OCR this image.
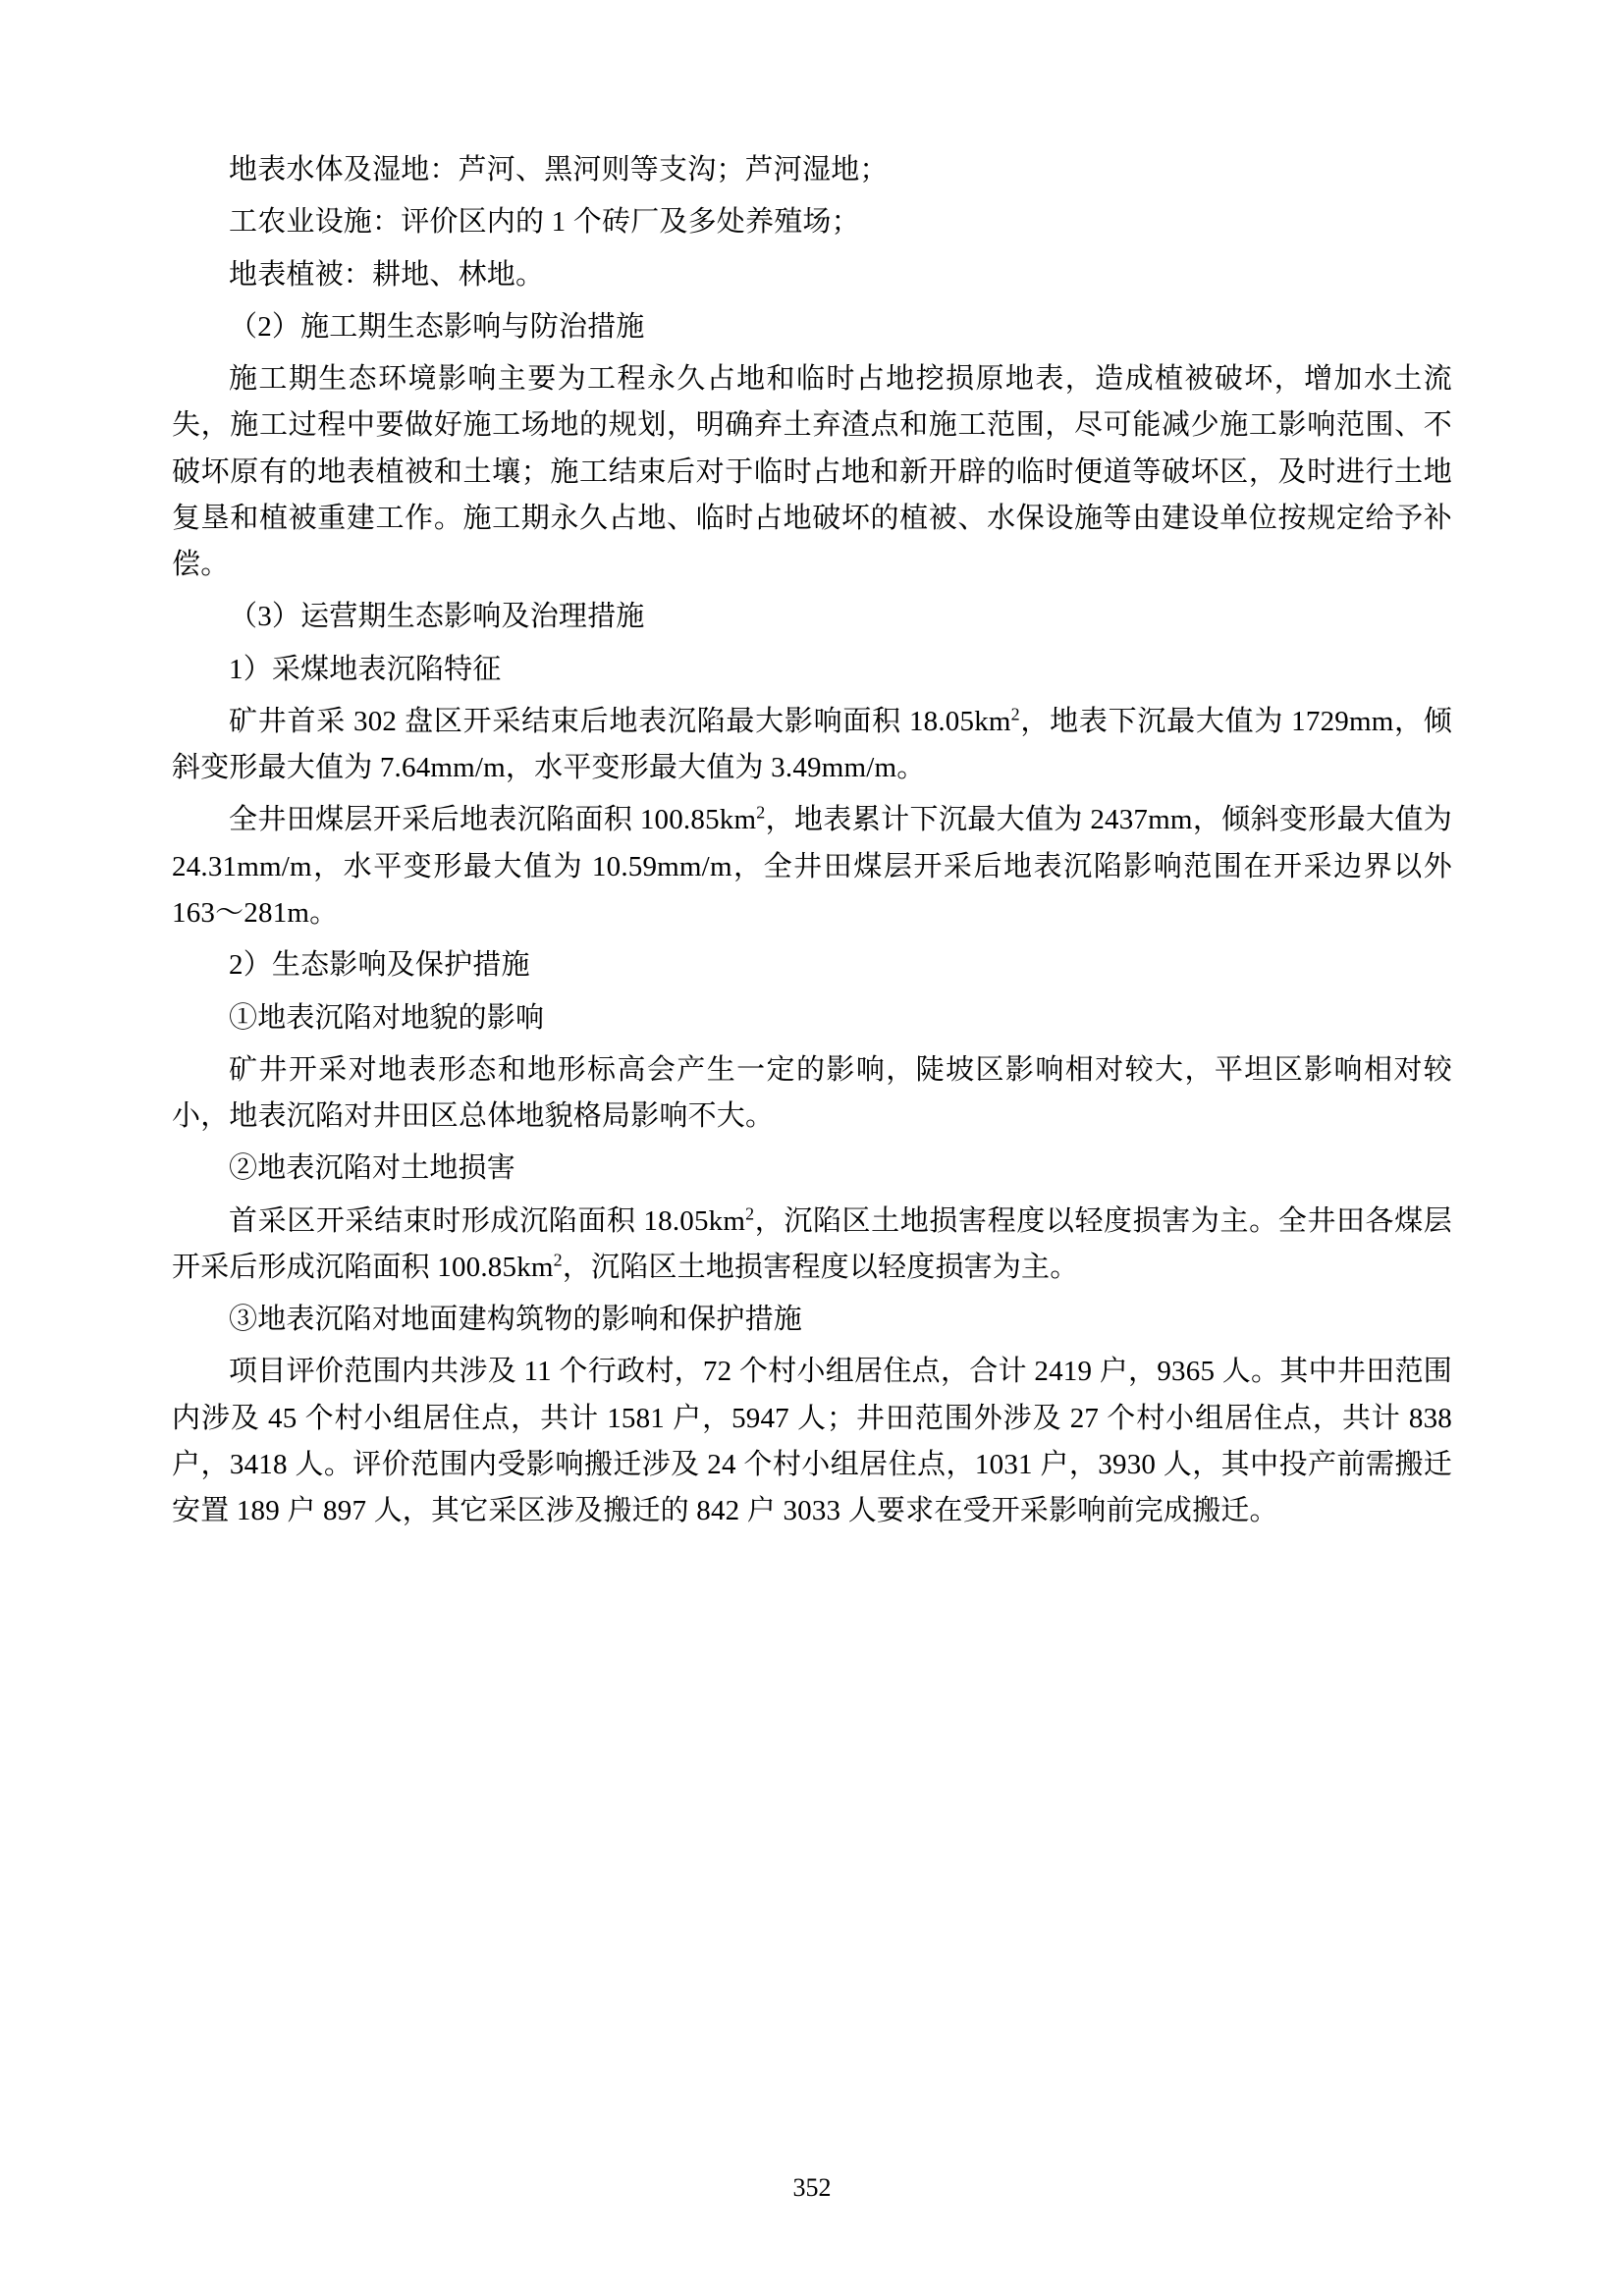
地表水体及湿地：芦河、黑河则等支沟；芦河湿地；

工农业设施：评价区内的 1 个砖厂及多处养殖场；

地表植被：耕地、林地。

（2）施工期生态影响与防治措施

施工期生态环境影响主要为工程永久占地和临时占地挖损原地表，造成植被破坏，增加水土流失，施工过程中要做好施工场地的规划，明确弃土弃渣点和施工范围，尽可能减少施工影响范围、不破坏原有的地表植被和土壤；施工结束后对于临时占地和新开辟的临时便道等破坏区，及时进行土地复垦和植被重建工作。施工期永久占地、临时占地破坏的植被、水保设施等由建设单位按规定给予补偿。

（3）运营期生态影响及治理措施

1）采煤地表沉陷特征

矿井首采 302 盘区开采结束后地表沉陷最大影响面积 $18.05km^2$，地表下沉最大值为 1729mm，倾斜变形最大值为 7.64mm/m，水平变形最大值为 3.49mm/m。

全井田煤层开采后地表沉陷面积 $100.85km^2$，地表累计下沉最大值为 2437mm，倾斜变形最大值为 24.31mm/m，水平变形最大值为 10.59mm/m，全井田煤层开采后地表沉陷影响范围在开采边界以外 163～281m。

2）生态影响及保护措施

①地表沉陷对地貌的影响

矿井开采对地表形态和地形标高会产生一定的影响，陡坡区影响相对较大，平坦区影响相对较小，地表沉陷对井田区总体地貌格局影响不大。

②地表沉陷对土地损害

首采区开采结束时形成沉陷面积 $18.05km^2$，沉陷区土地损害程度以轻度损害为主。全井田各煤层开采后形成沉陷面积 $100.85km^2$，沉陷区土地损害程度以轻度损害为主。

③地表沉陷对地面建构筑物的影响和保护措施

项目评价范围内共涉及 11 个行政村，72 个村小组居住点，合计 2419 户，9365 人。其中井田范围内涉及 45 个村小组居住点，共计 1581 户，5947 人；井田范围外涉及 27 个村小组居住点，共计 838 户，3418 人。评价范围内受影响搬迁涉及 24 个村小组居住点，1031 户，3930 人，其中投产前需搬迁安置 189 户 897 人，其它采区涉及搬迁的 842 户 3033 人要求在受开采影响前完成搬迁。

352
